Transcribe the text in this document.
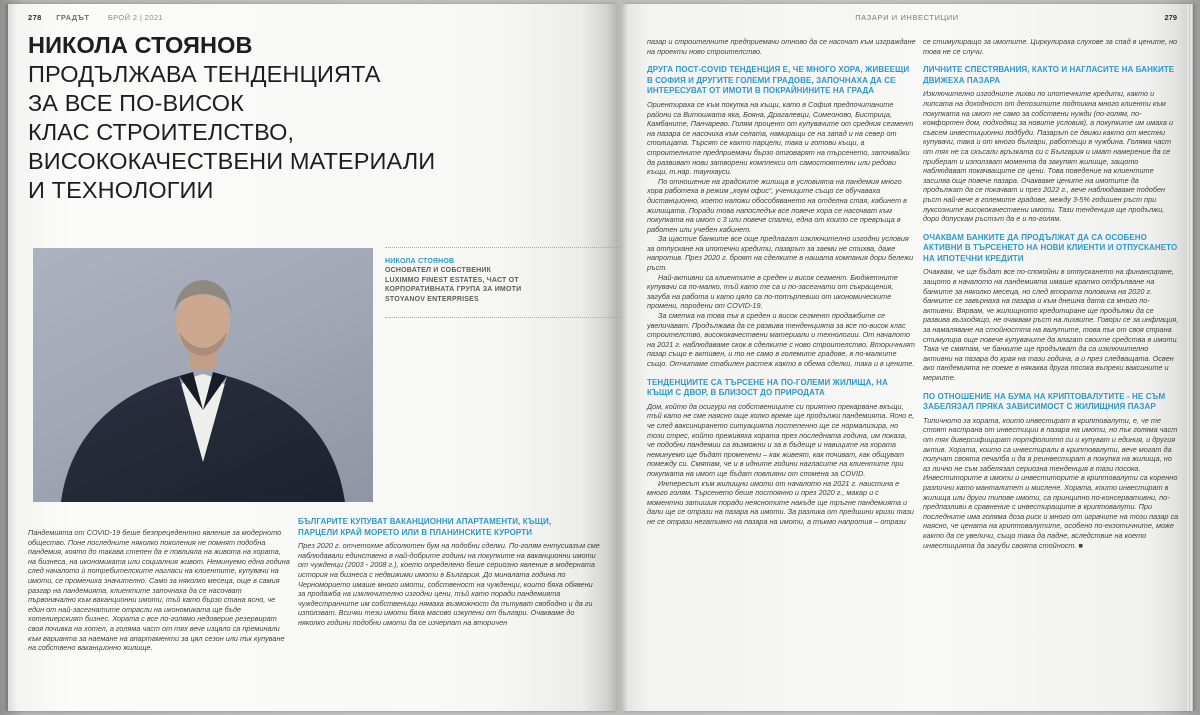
278 ГРАДЪТ БРОЙ 2 | 2021
НИКОЛА СТОЯНОВ
ПРОДЪЛЖАВА ТЕНДЕНЦИЯТА
ЗА ВСЕ ПО-ВИСОК
КЛАС СТРОИТЕЛСТВО,
ВИСОКОКАЧЕСТВЕНИ МАТЕРИАЛИ
И ТЕХНОЛОГИИ
НИКОЛА СТОЯНОВ
ОСНОВАТЕЛ И СОБСТВЕНИК
LUXIMMO FINEST ESTATES, ЧАСТ ОТ
КОРПОРАТИВНАТА ГРУПА ЗА ИМОТИ
STOYANOV ENTERPRISES

Пандемията от COVID-19 беше безпрецедентно явление за модерното общество. Поне последните няколко поколения не помнят подобна пандемия, която до такава степен да е повлияла на живота на хората, на бизнеса, на икономиката или социалния живот. Неминуемо една година след началото ѝ потребителските нагласи на клиентите, купувачи на имоти, се промениха значително. Само за няколко месеца, още в самия разгар на пандемията, клиентите започнаха да се насочват първоначално към ваканционни имоти, тъй като бързо стана ясно, че един от най-засегнатите отрасли на икономиката ще бъде хотелиерският бизнес. Хората с все по-голямо недоверие резервират своя почивка на хотел, а голяма част от тях вече изцяло са преминали към варианта за наемане на апартаменти за цял сезон или пък купуване на собствено ваканционно жилище.

БЪЛГАРИТЕ КУПУВАТ ВАКАНЦИОННИ АПАРТАМЕНТИ, КЪЩИ, ПАРЦЕЛИ КРАЙ МОРЕТО ИЛИ В ПЛАНИНСКИТЕ КУРОРТИ

През 2020 г. отчетохме абсолютен бум на подобни сделки. По-голям ентусиазъм сме наблюдавали единствено в най-добрите години на покупките на ваканционни имоти от чужденци (2003 - 2008 г.), което определено беше сериозно явление в модерната история на бизнеса с недвижими имоти в България. До миналата година по Черноморието имаше много имоти, собственост на чужденци, които бяха обявени за продажба на изключително изгодни цени, тъй като поради пандемията чуждестранните им собственици нямаха възможност да пътуват свободно и да ги използват. Всички тези имоти бяха масово изкупени от българи. Очакваме до няколко години подобни имоти да се изчерпат на вторичен

ПАЗАРИ И ИНВЕСТИЦИИ	279

пазар и строителните предприемачи отново да се насочат към изграждане на проекти ново строителство.

ДРУГА ПОСТ-COVID ТЕНДЕНЦИЯ Е, ЧЕ МНОГО ХОРА, ЖИВЕЕЩИ В СОФИЯ И ДРУГИТЕ ГОЛЕМИ ГРАДОВЕ, ЗАПОЧНАХА ДА СЕ ИНТЕРЕСУВАТ ОТ ИМОТИ В ПОКРАЙНИНИТЕ НА ГРАДА

Ориентираха се към покупка на къщи, като в София предпочитаните райони са Витошката яка, Бояна, Драгалевци, Симеоново, Бистрица, Камбаните, Панчарево. Голям процент от купувачите от средния сегмент на пазара се насочиха към селата, намиращи се на запад и на север от столицата. Търсят се както парцели, така и готови къщи, а строителните предприемачи бързо отговарят на търсенето, започвайки да развиват нови затворени комплекси от самостоятелни или редови къщи, т.нар. таунхауси.

По отношение на градските жилища в условията на пандемия много хора работеха в режим „хоум офис“, учениците също се обучаваха дистанционно, което наложи обособяването на отделна стая, кабинет в жилищата. Поради това напоследък все повече хора се насочват към покупката на имот с 3 или повече спални, една от които се превръща в работен или учебен кабинет.

За щастие банките все още предлагат изключително изгодни условия за отпускане на ипотечни кредити, пазарът за заеми не стихва, даже напротив. През 2020 г. броят на сделките в нашата компания дори бележи ръст.

Най-активни са клиентите в среден и висок сегмент. Бюджетните купувачи са по-малко, тъй като те са и по-засегнати от съкращения, загуба на работа и като цяло са по-потърпевши от икономическите промени, породени от COVID-19.

За сметка на това пък в среден и висок сегмент продажбите се увеличават. Продължава да се развива тенденцията за все по-висок клас строителство, висококачествени материали и технологии. От началото на 2021 г. наблюдаваме скок в сделките с ново строителство. Вторичният пазар също е активен, и то не само в големите градове, в по-малките също. Отчитаме стабилен растеж както в обема сделки, така и в цените.

ТЕНДЕНЦИИТЕ СА ТЪРСЕНЕ НА ПО-ГОЛЕМИ ЖИЛИЩА, НА КЪЩИ С ДВОР, В БЛИЗОСТ ДО ПРИРОДАТА

Дом, който да осигури на собствениците си приятно прекарване вкъщи, тъй като не сме наясно още колко време ще продължи пандемията. Ясно е, че след ваксинирането ситуацията постепенно ще се нормализира, но този стрес, който преживяха хората през последната година, им показа, че подобни пандемии са възможни и за в бъдеще и навиците на хората неминуемо ще бъдат променени – как живеят, как почиват, как общуват помежду си. Смятам, че и в идните години нагласите на клиентите при покупката на имот ще бъдат повлияни от спомена за COVID.

Интересът към жилищни имоти от началото на 2021 г. наистина е много голям. Търсенето беше постоянно и през 2020 г., макар и с моментни затишия поради неяснотите накъде ще тръгне пандемията и дали ще се отрази на пазара на имоти. За разлика от предишни кризи тази не се отрази негативно на пазара на имоти, а тъкмо напротив – отрази

се стимулиращо за имотите. Циркулираха слухове за спад в цените, но това не се случи.

ЛИЧНИТЕ СПЕСТЯВАНИЯ, КАКТО И НАГЛАСИТЕ НА БАНКИТЕ ДВИЖЕХА ПАЗАРА

Изключително изгодните лихви по ипотечните кредити, както и липсата на доходност от депозитите подтикна много клиенти към покупката на имот не само за собствени нужди (по-голям, по-комфортен дом, подходящ за новите условия), а покупките им имаха и съвсем инвестиционни подбуди. Пазарът се движи както от местни купувачи, така и от много българи, работещи в чужбина. Голяма част от тях не са скъсали връзката си с България и имат намерение да се приберат и използват момента да закупят жилище, защото наблюдават покачващите се цени. Това поведение на клиентите засилва още повече пазара. Очакваме цените на имотите да продължат да се покачват и през 2022 г., вече наблюдаваме подобен ръст най-вече в големите градове, между 3-5% годишен ръст при луксозните висококачествени имоти. Тази тенденция ще продължи, дори допускам ръстът да е и по-голям.

ОЧАКВАМ БАНКИТЕ ДА ПРОДЪЛЖАТ ДА СА ОСОБЕНО АКТИВНИ В ТЪРСЕНЕТО НА НОВИ КЛИЕНТИ И ОТПУСКАНЕТО НА ИПОТЕЧНИ КРЕДИТИ

Очаквам, че ще бъдат все по-спокойни в отпускането на финансиране, защото в началото на пандемията имаше кратко отдръпване на банките за няколко месеца, но след втората половина на 2020 г. банките се завърнаха на пазара и към днешна дата са много по-активни. Вярвам, че жилищното кредитиране ще продължи да се развива възходящо, не очаквам ръст на лихвите. Говори се за инфлация, за намаляване на стойността на валутите, това пък от своя страна стимулира още повече купувачите да влагат своите средства в имоти. Така че смятам, че банките ще продължат да са изключително активни на пазара до края на тази година, а и през следващата. Освен ако пандемията не поеме в някаква друга посока въпреки ваксините и мерките.

ПО ОТНОШЕНИЕ НА БУМА НА КРИПТОВАЛУТИТЕ - НЕ СЪМ ЗАБЕЛЯЗАЛ ПРЯКА ЗАВИСИМОСТ С ЖИЛИЩНИЯ ПАЗАР

Типичното за хората, които инвестират в криптовалути, е, че те стоят настрана от инвестиции в пазара на имоти, но пък голяма част от тях диверсифицират портфолиото си и купуват и единия, и другия актив. Хората, които са инвестирали в криптовалути, вече могат да получат своята печалба и да я реинвестират в покупка на жилища, но аз лично не съм забелязал сериозна тенденция в тази посока. Инвеститорите в имоти и инвеститорите в криптовалути са коренно различни като манталитет и мислене. Хората, които инвестират в жилища или други типове имоти, са принципно по-консервативни, по-предпазливи в сравнение с инвестиращите в криптовалути. При последните има голяма доза риск и много от играчите на този пазар са наясно, че цената на криптовалутите, особено по-екзотичните, може както да се увеличи, също така да падне, вследствие на което инвестицията да загуби своята стойност. ■
